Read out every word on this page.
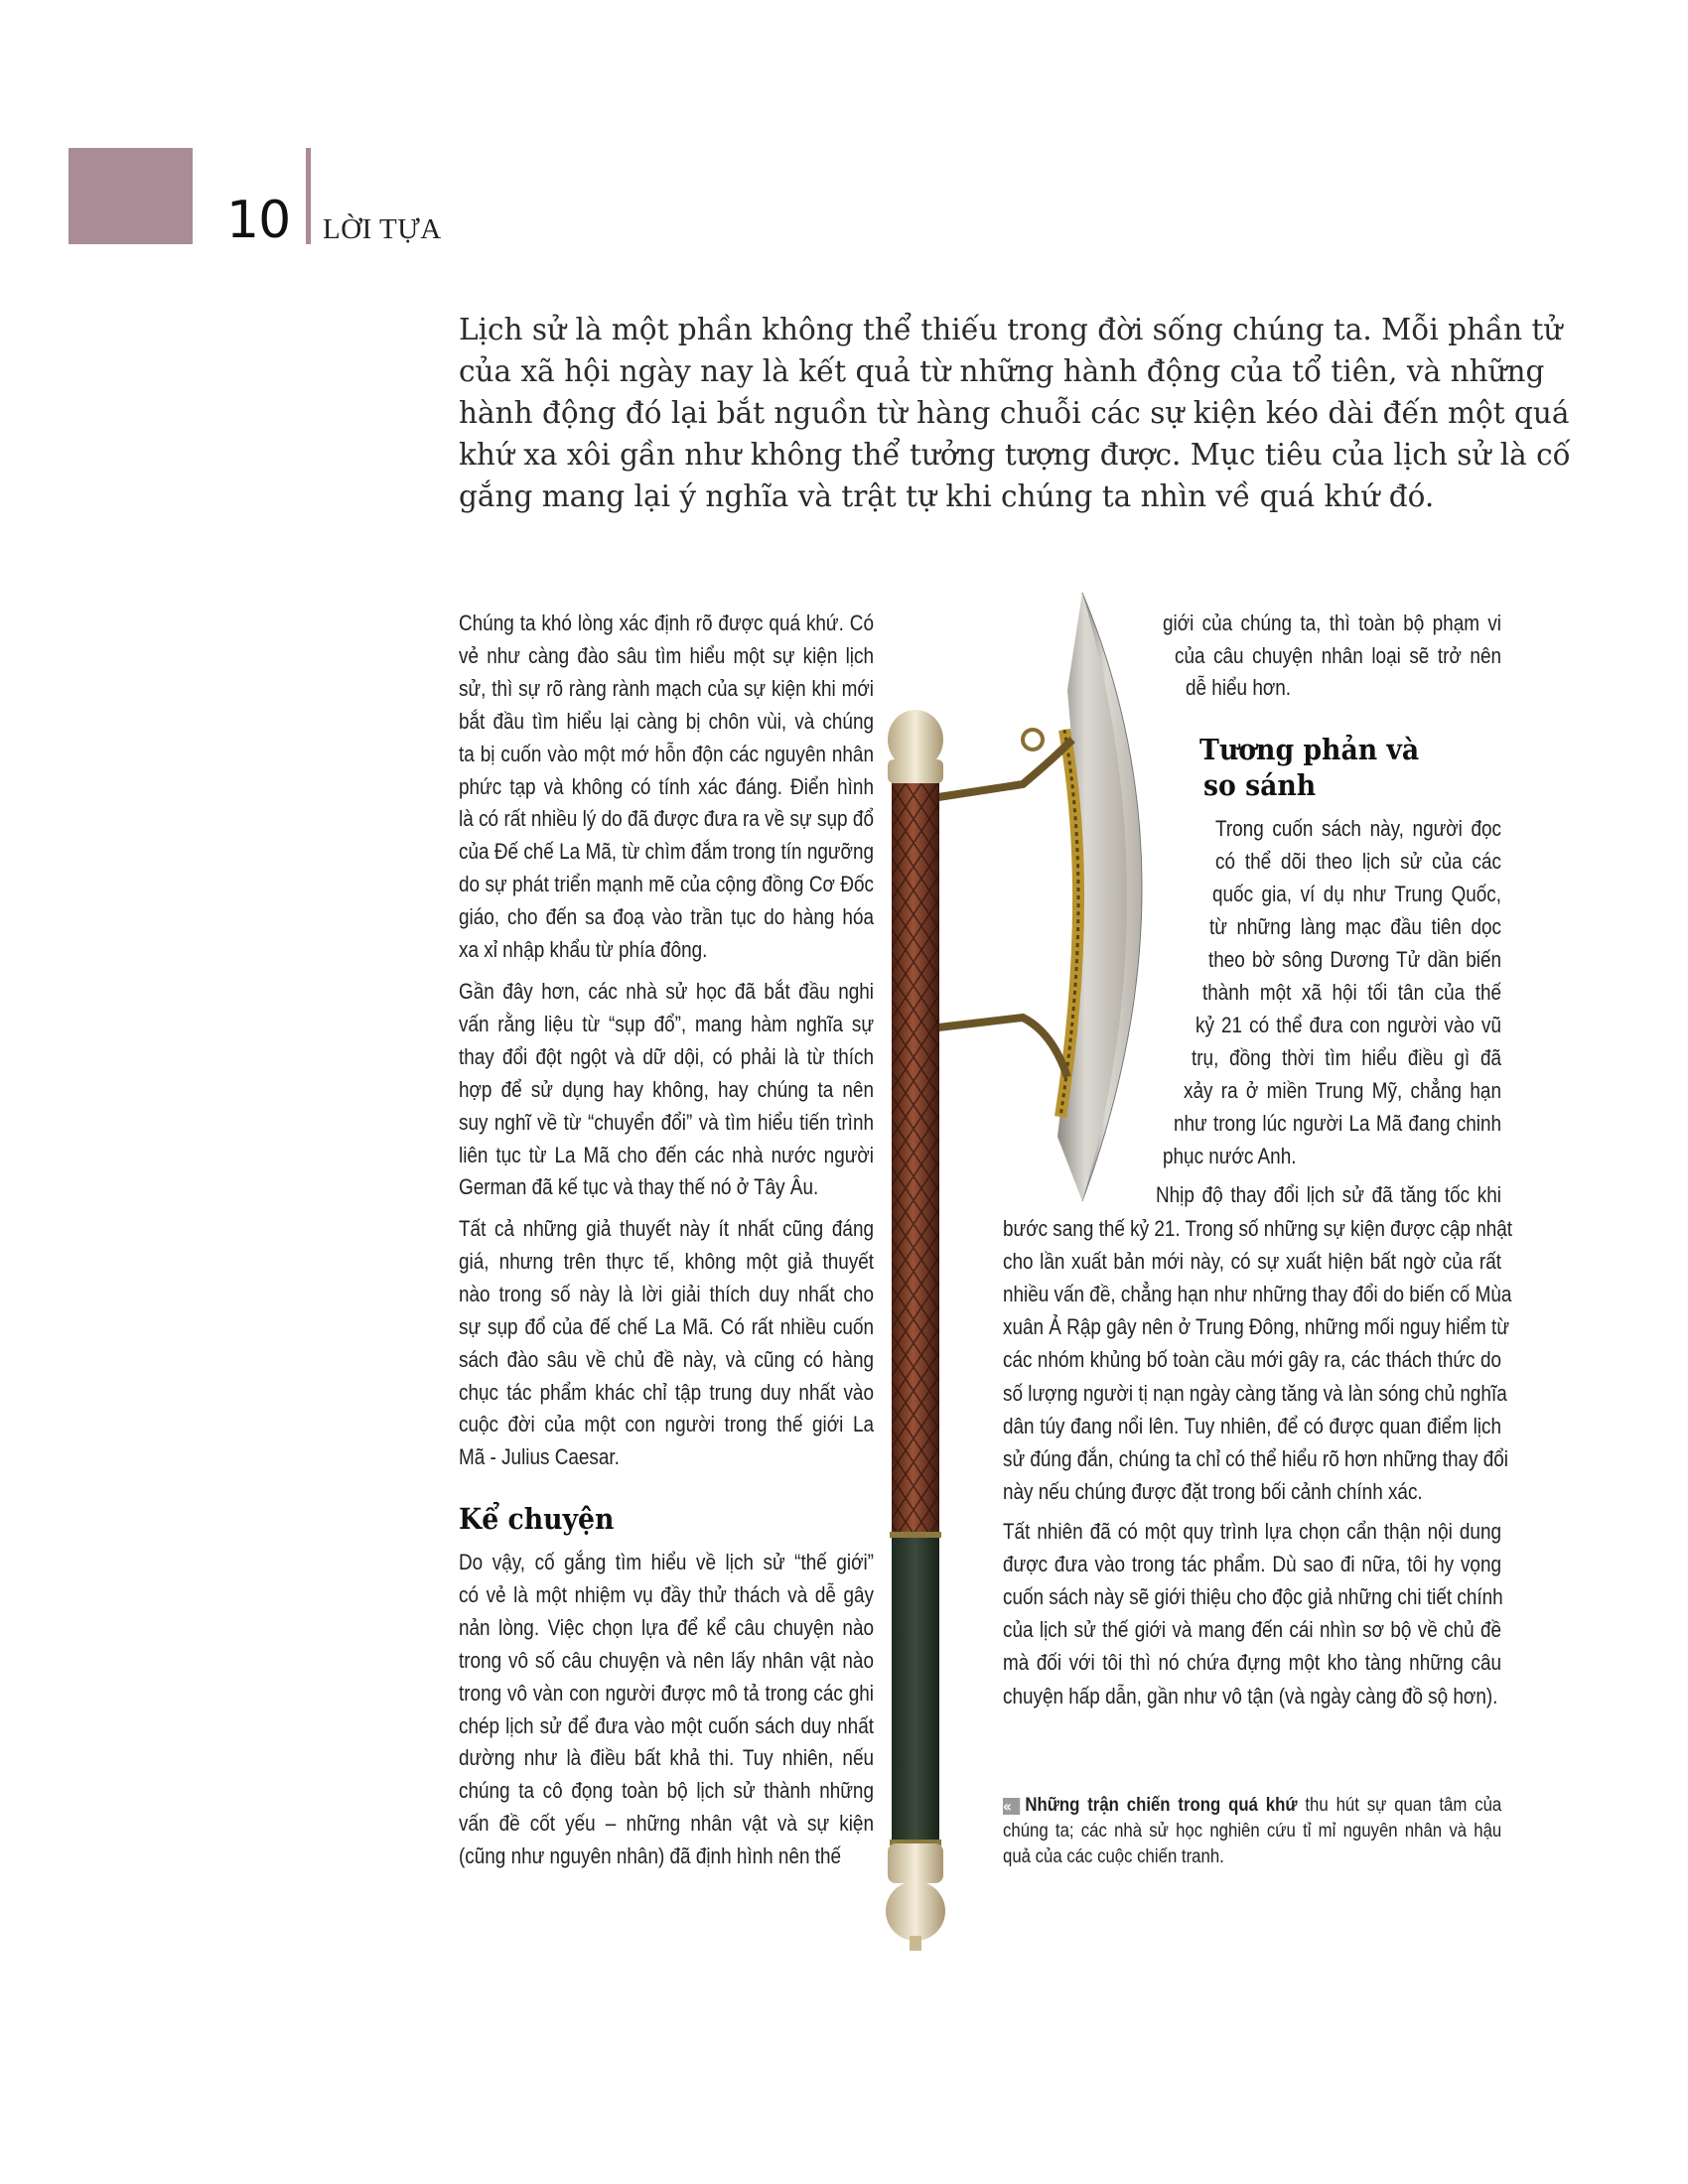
10 LỜI TỰA
Lịch sử là một phần không thể thiếu trong đời sống chúng ta. Mỗi phần tử
của xã hội ngày nay là kết quả từ những hành động của tổ tiên, và những
hành động đó lại bắt nguồn từ hàng chuỗi các sự kiện kéo dài đến một quá
khứ xa xôi gần như không thể tưởng tượng được. Mục tiêu của lịch sử là cố
gắng mang lại ý nghĩa và trật tự khi chúng ta nhìn về quá khứ đó.
Chúng ta khó lòng xác định rõ được quá khứ. Có
vẻ như càng đào sâu tìm hiểu một sự kiện lịch
sử, thì sự rõ ràng rành mạch của sự kiện khi mới
bắt đầu tìm hiểu lại càng bị chôn vùi, và chúng
ta bị cuốn vào một mớ hỗn độn các nguyên nhân
phức tạp và không có tính xác đáng. Điển hình
là có rất nhiều lý do đã được đưa ra về sự sụp đổ
của Đế chế La Mã, từ chìm đắm trong tín ngưỡng
do sự phát triển mạnh mẽ của cộng đồng Cơ Đốc
giáo, cho đến sa đoạ vào trần tục do hàng hóa
xa xỉ nhập khẩu từ phía đông.
Gần đây hơn, các nhà sử học đã bắt đầu nghi
vấn rằng liệu từ “sụp đổ”, mang hàm nghĩa sự
thay đổi đột ngột và dữ dội, có phải là từ thích
hợp để sử dụng hay không, hay chúng ta nên
suy nghĩ về từ “chuyển đổi” và tìm hiểu tiến trình
liên tục từ La Mã cho đến các nhà nước người
German đã kế tục và thay thế nó ở Tây Âu.
Tất cả những giả thuyết này ít nhất cũng đáng
giá, nhưng trên thực tế, không một giả thuyết
nào trong số này là lời giải thích duy nhất cho
sự sụp đổ của đế chế La Mã. Có rất nhiều cuốn
sách đào sâu về chủ đề này, và cũng có hàng
chục tác phẩm khác chỉ tập trung duy nhất vào
cuộc đời của một con người trong thế giới La
Mã - Julius Caesar.
Kể chuyện
Do vậy, cố gắng tìm hiểu về lịch sử “thế giới”
có vẻ là một nhiệm vụ đầy thử thách và dễ gây
nản lòng. Việc chọn lựa để kể câu chuyện nào
trong vô số câu chuyện và nên lấy nhân vật nào
trong vô vàn con người được mô tả trong các ghi
chép lịch sử để đưa vào một cuốn sách duy nhất
dường như là điều bất khả thi. Tuy nhiên, nếu
chúng ta cô đọng toàn bộ lịch sử thành những
vấn đề cốt yếu – những nhân vật và sự kiện
(cũng như nguyên nhân) đã định hình nên thế
giới của chúng ta, thì toàn bộ phạm vi
của câu chuyện nhân loại sẽ trở nên
dễ hiểu hơn.
Tương phản và
so sánh
Trong cuốn sách này, người đọc
có thể dõi theo lịch sử của các
quốc gia, ví dụ như Trung Quốc,
từ những làng mạc đầu tiên dọc
theo bờ sông Dương Tử dần biến
thành một xã hội tối tân của thế
kỷ 21 có thể đưa con người vào vũ
trụ, đồng thời tìm hiểu điều gì đã
xảy ra ở miền Trung Mỹ, chẳng hạn
như trong lúc người La Mã đang chinh
phục nước Anh.
Nhịp độ thay đổi lịch sử đã tăng tốc khi
bước sang thế kỷ 21. Trong số những sự kiện được cập nhật
cho lần xuất bản mới này, có sự xuất hiện bất ngờ của rất
nhiều vấn đề, chẳng hạn như những thay đổi do biến cố Mùa
xuân Ả Rập gây nên ở Trung Đông, những mối nguy hiểm từ
các nhóm khủng bố toàn cầu mới gây ra, các thách thức do
số lượng người tị nạn ngày càng tăng và làn sóng chủ nghĩa
dân túy đang nổi lên. Tuy nhiên, để có được quan điểm lịch
sử đúng đắn, chúng ta chỉ có thể hiểu rõ hơn những thay đổi
này nếu chúng được đặt trong bối cảnh chính xác.
Tất nhiên đã có một quy trình lựa chọn cẩn thận nội dung
được đưa vào trong tác phẩm. Dù sao đi nữa, tôi hy vọng
cuốn sách này sẽ giới thiệu cho độc giả những chi tiết chính
của lịch sử thế giới và mang đến cái nhìn sơ bộ về chủ đề
mà đối với tôi thì nó chứa đựng một kho tàng những câu
chuyện hấp dẫn, gần như vô tận (và ngày càng đồ sộ hơn).
« Những trận chiến trong quá khứ thu hút sự quan tâm của
chúng ta; các nhà sử học nghiên cứu tỉ mỉ nguyên nhân và hậu
quả của các cuộc chiến tranh.
